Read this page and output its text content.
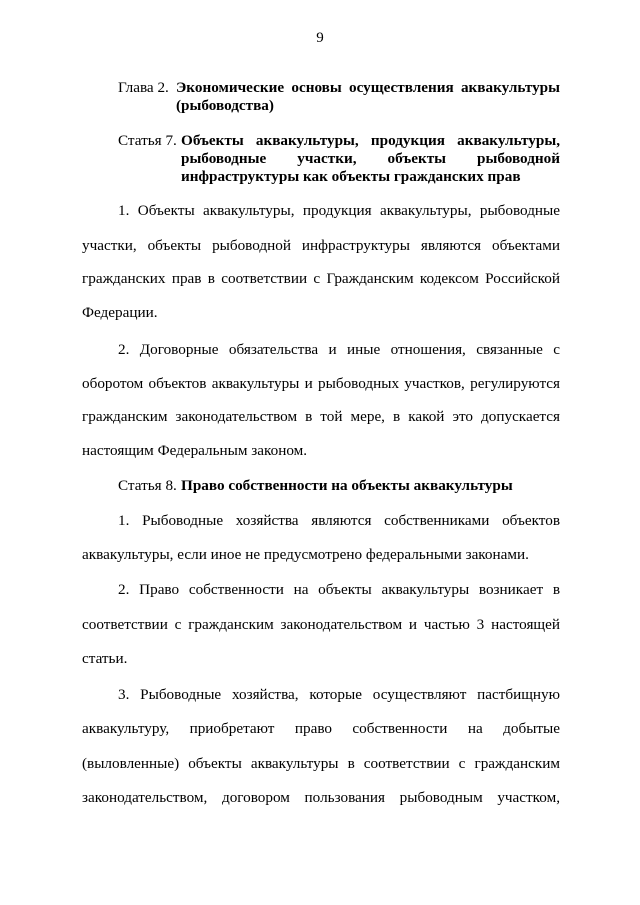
9
Глава 2. Экономические основы осуществления аквакультуры
(рыбоводства)
Статья 7. Объекты аквакультуры, продукция аквакультуры,
рыбоводные участки, объекты рыбоводной
инфраструктуры как объекты гражданских прав
1. Объекты аквакультуры, продукция аквакультуры, рыбоводные
участки, объекты рыбоводной инфраструктуры являются объектами
гражданских прав в соответствии с Гражданским кодексом Российской
Федерации.
2. Договорные обязательства и иные отношения, связанные с
оборотом объектов аквакультуры и рыбоводных участков, регулируются
гражданским законодательством в той мере, в какой это допускается
настоящим Федеральным законом.
Статья 8. Право собственности на объекты аквакультуры
1. Рыбоводные хозяйства являются собственниками объектов
аквакультуры, если иное не предусмотрено федеральными законами.
2. Право собственности на объекты аквакультуры возникает в
соответствии с гражданским законодательством и частью 3 настоящей
статьи.
3. Рыбоводные хозяйства, которые осуществляют пастбищную
аквакультуру, приобретают право собственности на добытые
(выловленные) объекты аквакультуры в соответствии с гражданским
законодательством, договором пользования рыбоводным участком,
